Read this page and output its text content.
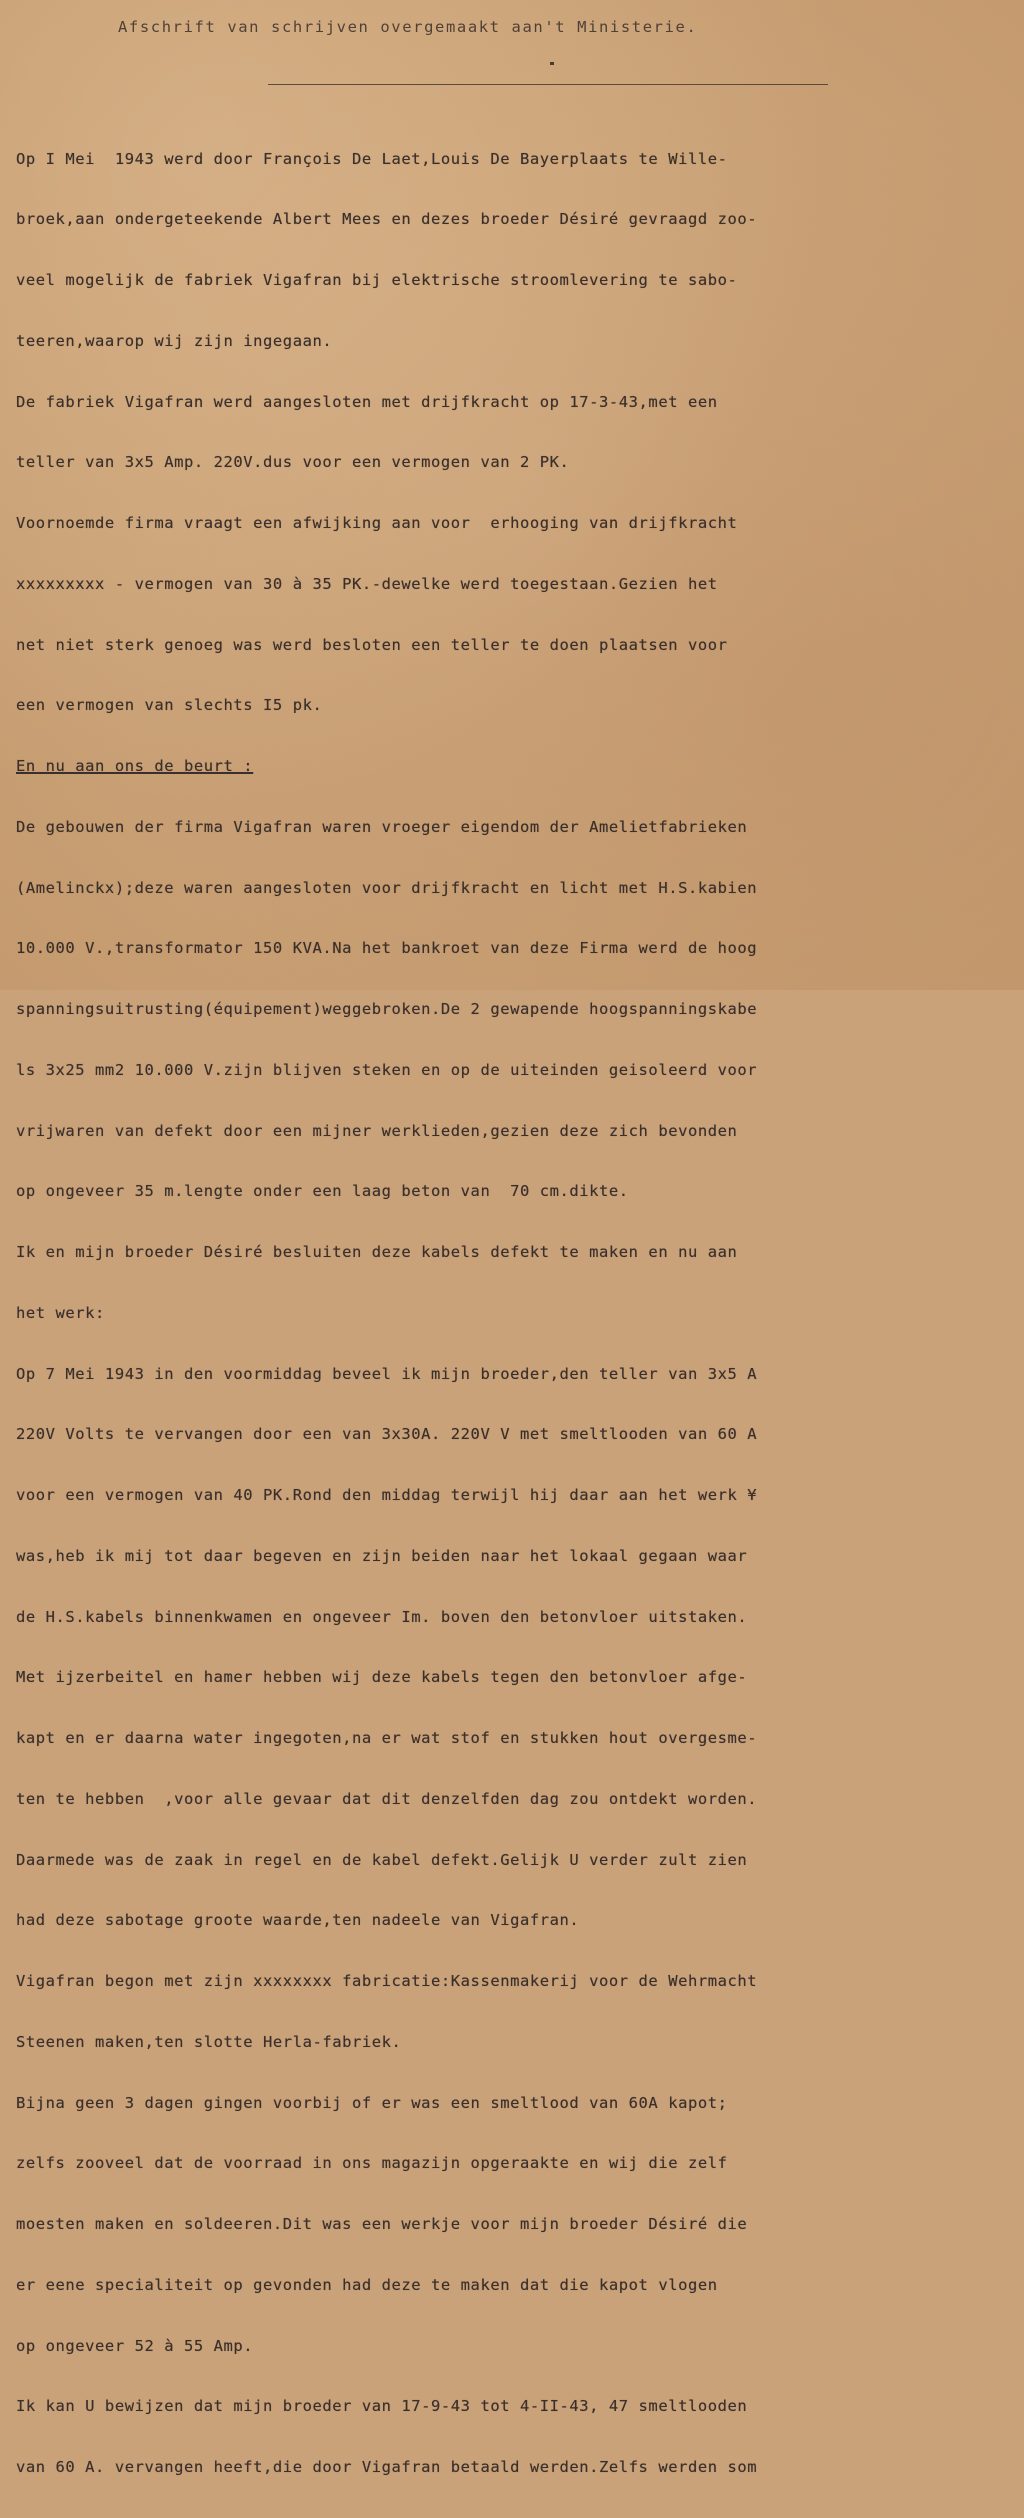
Afschrift van schrijven overgemaakt aan't Ministerie.

Op I Mei  1943 werd door François De Laet,Louis De Bayerplaats te Wille-

broek,aan ondergeteekende Albert Mees en dezes broeder Désiré gevraagd zoo-

veel mogelijk de fabriek Vigafran bij elektrische stroomlevering te sabo-

teeren,waarop wij zijn ingegaan.

De fabriek Vigafran werd aangesloten met drijfkracht op 17-3-43,met een

teller van 3x5 Amp. 220V.dus voor een vermogen van 2 PK.

Voornoemde firma vraagt een afwijking aan voor  erhooging van drijfkracht

xxxxxxxxx - vermogen van 30 à 35 PK.-dewelke werd toegestaan.Gezien het

net niet sterk genoeg was werd besloten een teller te doen plaatsen voor

een vermogen van slechts I5 pk.

En nu aan ons de beurt :

De gebouwen der firma Vigafran waren vroeger eigendom der Amelietfabrieken

(Amelinckx);deze waren aangesloten voor drijfkracht en licht met H.S.kabien

10.000 V.,transformator 150 KVA.Na het bankroet van deze Firma werd de hoog

spanningsuitrusting(équipement)weggebroken.De 2 gewapende hoogspanningskabe

ls 3x25 mm2 10.000 V.zijn blijven steken en op de uiteinden geisoleerd voor

vrijwaren van defekt door een mijner werklieden,gezien deze zich bevonden

op ongeveer 35 m.lengte onder een laag beton van  70 cm.dikte.

Ik en mijn broeder Désiré besluiten deze kabels defekt te maken en nu aan

het werk:

Op 7 Mei 1943 in den voormiddag beveel ik mijn broeder,den teller van 3x5 A

220V Volts te vervangen door een van 3x30A. 220V V met smeltlooden van 60 A

voor een vermogen van 40 PK.Rond den middag terwijl hij daar aan het werk ¥

was,heb ik mij tot daar begeven en zijn beiden naar het lokaal gegaan waar

de H.S.kabels binnenkwamen en ongeveer Im. boven den betonvloer uitstaken.

Met ijzerbeitel en hamer hebben wij deze kabels tegen den betonvloer afge-

kapt en er daarna water ingegoten,na er wat stof en stukken hout overgesme-

ten te hebben  ,voor alle gevaar dat dit denzelfden dag zou ontdekt worden.

Daarmede was de zaak in regel en de kabel defekt.Gelijk U verder zult zien

had deze sabotage groote waarde,ten nadeele van Vigafran.

Vigafran begon met zijn xxxxxxxx fabricatie:Kassenmakerij voor de Wehrmacht

Steenen maken,ten slotte Herla-fabriek.

Bijna geen 3 dagen gingen voorbij of er was een smeltlood van 60A kapot;

zelfs zooveel dat de voorraad in ons magazijn opgeraakte en wij die zelf

moesten maken en soldeeren.Dit was een werkje voor mijn broeder Désiré die

er eene specialiteit op gevonden had deze te maken dat die kapot vlogen

op ongeveer 52 à 55 Amp.

Ik kan U bewijzen dat mijn broeder van 17-9-43 tot 4-II-43, 47 smeltlooden

van 60 A. vervangen heeft,die door Vigafran betaald werden.Zelfs werden som
